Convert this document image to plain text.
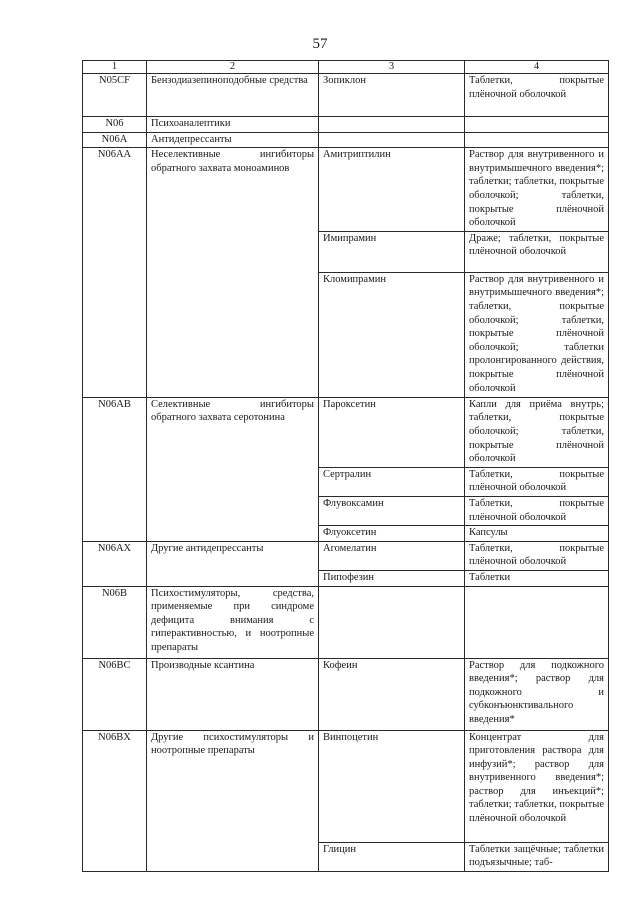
57
1	2	3	4
N05CF	Бензодиазепиноподобные средства	Зопиклон	Таблетки, покрытые плёночной оболочкой
N06	Психоаналептики		
N06A	Антидепрессанты		
N06AA	Неселективные ингибиторы обратного захвата моноаминов	Амитриптилин	Раствор для внутривенного и внутримышечного введения*; таблетки; таблетки, покрытые оболочкой; таблетки, покрытые плёночной оболочкой
		Имипрамин	Драже; таблетки, покрытые плёночной оболочкой
		Кломипрамин	Раствор для внутривенного и внутримышечного введения*; таблетки, покрытые оболочкой; таблетки, покрытые плёночной оболочкой; таблетки пролонгированного действия, покрытые плёночной оболочкой
N06AB	Селективные ингибиторы обратного захвата серотонина	Пароксетин	Капли для приёма внутрь; таблетки, покрытые оболочкой; таблетки, покрытые плёночной оболочкой
		Сертралин	Таблетки, покрытые плёночной оболочкой
		Флувоксамин	Таблетки, покрытые плёночной оболочкой
		Флуоксетин	Капсулы
N06AX	Другие антидепрессанты	Агомелатин	Таблетки, покрытые плёночной оболочкой
		Пипофезин	Таблетки
N06B	Психостимуляторы, средства, применяемые при синдроме дефицита внимания с гиперактивностью, и ноотропные препараты		
N06BC	Производные ксантина	Кофеин	Раствор для подкожного введения*; раствор для подкожного и субконъюнктивального введения*
N06BX	Другие психостимуляторы и ноотропные препараты	Винпоцетин	Концентрат для приготовления раствора для инфузий*; раствор для внутривенного введения*; раствор для инъекций*; таблетки; таблетки, покрытые плёночной оболочкой
		Глицин	Таблетки защёчные; таблетки подъязычные; таб-
